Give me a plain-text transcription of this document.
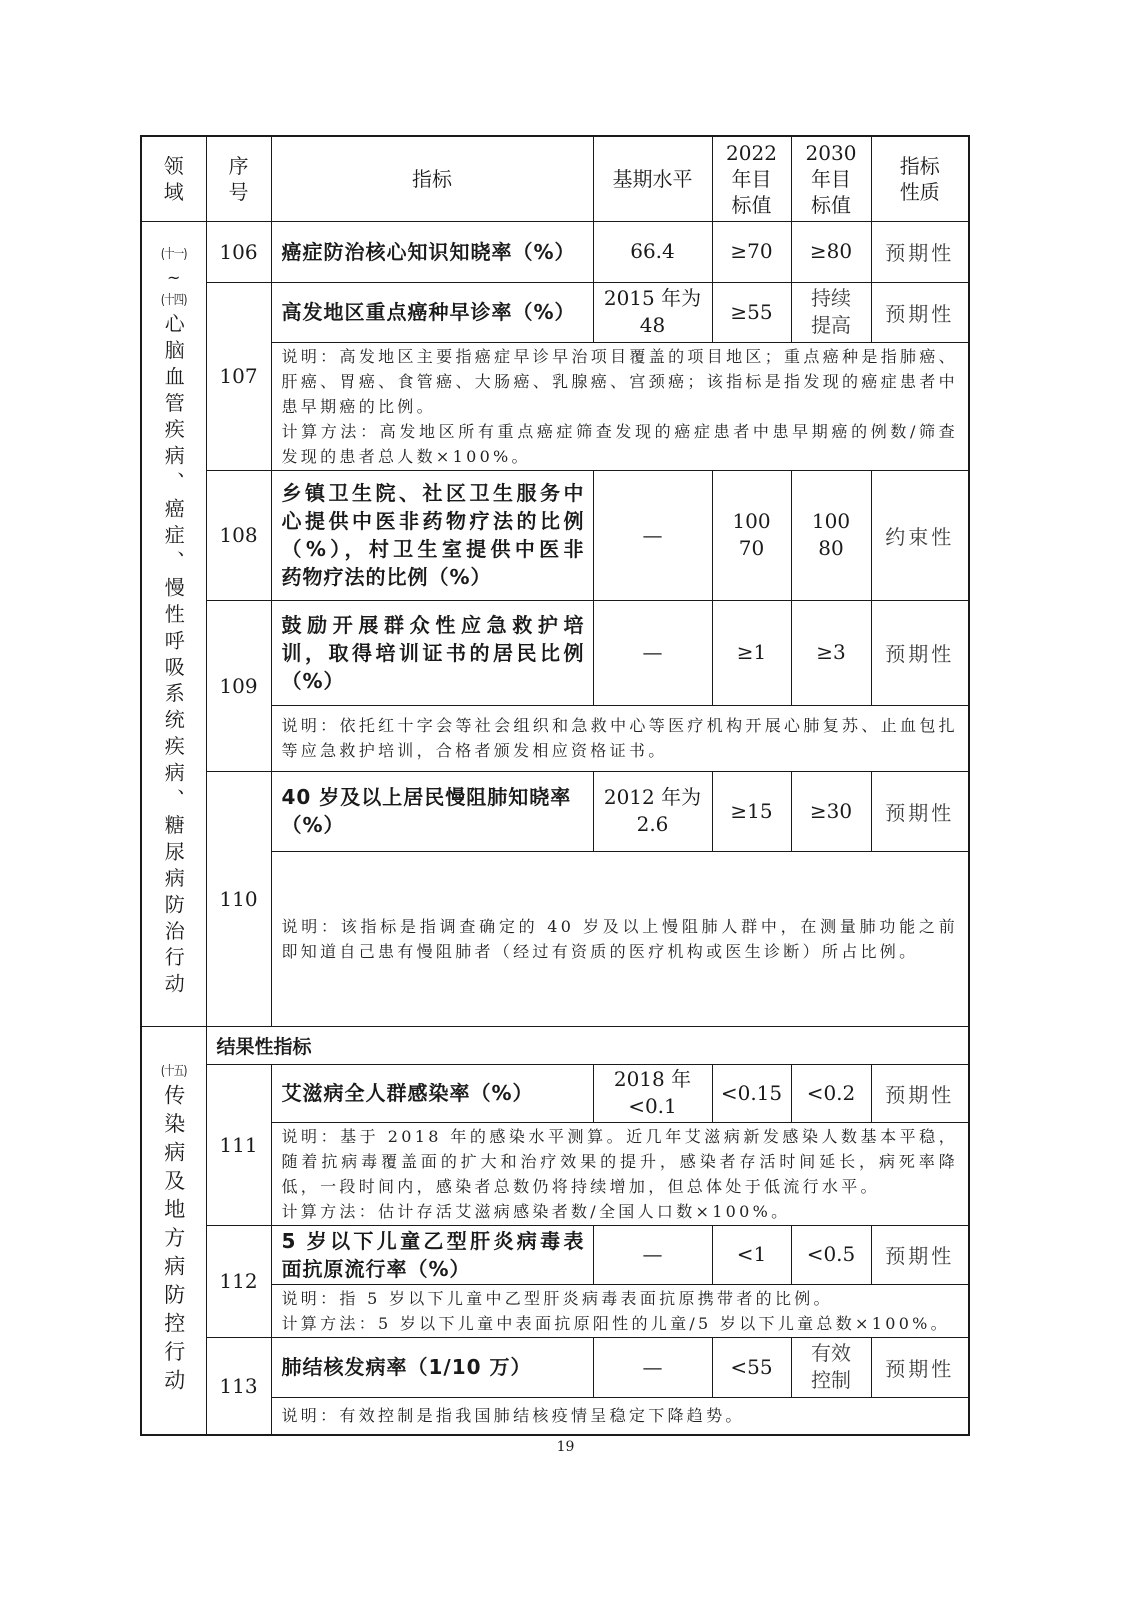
领
域	序
号	指标	基期水平	2022
年目
标值	2030
年目
标值	指标
性质

(十一)
~
(十四)
心脑血管疾病、癌症、慢性呼吸系统疾病、糖尿病防治行动	106	癌症防治核心知识知晓率（%）	66.4	≥70	≥80	预期性
	107	高发地区重点癌种早诊率（%）	2015 年为
48	≥55	持续
提高	预期性

		说明：高发地区主要指癌症早诊早治项目覆盖的项目地区；重点癌种是指肺癌、肝癌、胃癌、食管癌、大肠癌、乳腺癌、宫颈癌；该指标是指发现的癌症患者中患早期癌的比例。
计算方法：高发地区所有重点癌症筛查发现的癌症患者中患早期癌的例数/筛查发现的患者总人数×100%。				

	108	乡镇卫生院、社区卫生服务中
心提供中医非药物疗法的比例
（%），村卫生室提供中医非
药物疗法的比例（%）	—	100
70	100
80	约束性
	109	鼓励开展群众性应急救护培
训，取得培训证书的居民比例
（%）	—	≥1	≥3	预期性

		说明：依托红十字会等社会组织和急救中心等医疗机构开展心肺复苏、止血包扎等应急救护培训，合格者颁发相应资格证书。				

	110	40 岁及以上居民慢阻肺知晓率
（%）	2012 年为
2.6	≥15	≥30	预期性

		说明：该指标是指调查确定的 40 岁及以上慢阻肺人群中，在测量肺功能之前即知道自己患有慢阻肺者（经过有资质的医疗机构或医生诊断）所占比例。				

(十五)
传染病及地方病防控行动	结果性指标					
	111	艾滋病全人群感染率（%）	2018 年
<0.1	<0.15	<0.2	预期性

		说明：基于 2018 年的感染水平测算。近几年艾滋病新发感染人数基本平稳，随着抗病毒覆盖面的扩大和治疗效果的提升，感染者存活时间延长，病死率降低，一段时间内，感染者总数仍将持续增加，但总体处于低流行水平。
计算方法：估计存活艾滋病感染者数/全国人口数×100%。				

	112	5 岁以下儿童乙型肝炎病毒表
面抗原流行率（%）	—	<1	<0.5	预期性

		说明：指 5 岁以下儿童中乙型肝炎病毒表面抗原携带者的比例。
计算方法：5 岁以下儿童中表面抗原阳性的儿童/5 岁以下儿童总数×100%。				

	113	肺结核发病率（1/10 万）	—	<55	有效
控制	预期性

		说明：有效控制是指我国肺结核疫情呈稳定下降趋势。				
19
